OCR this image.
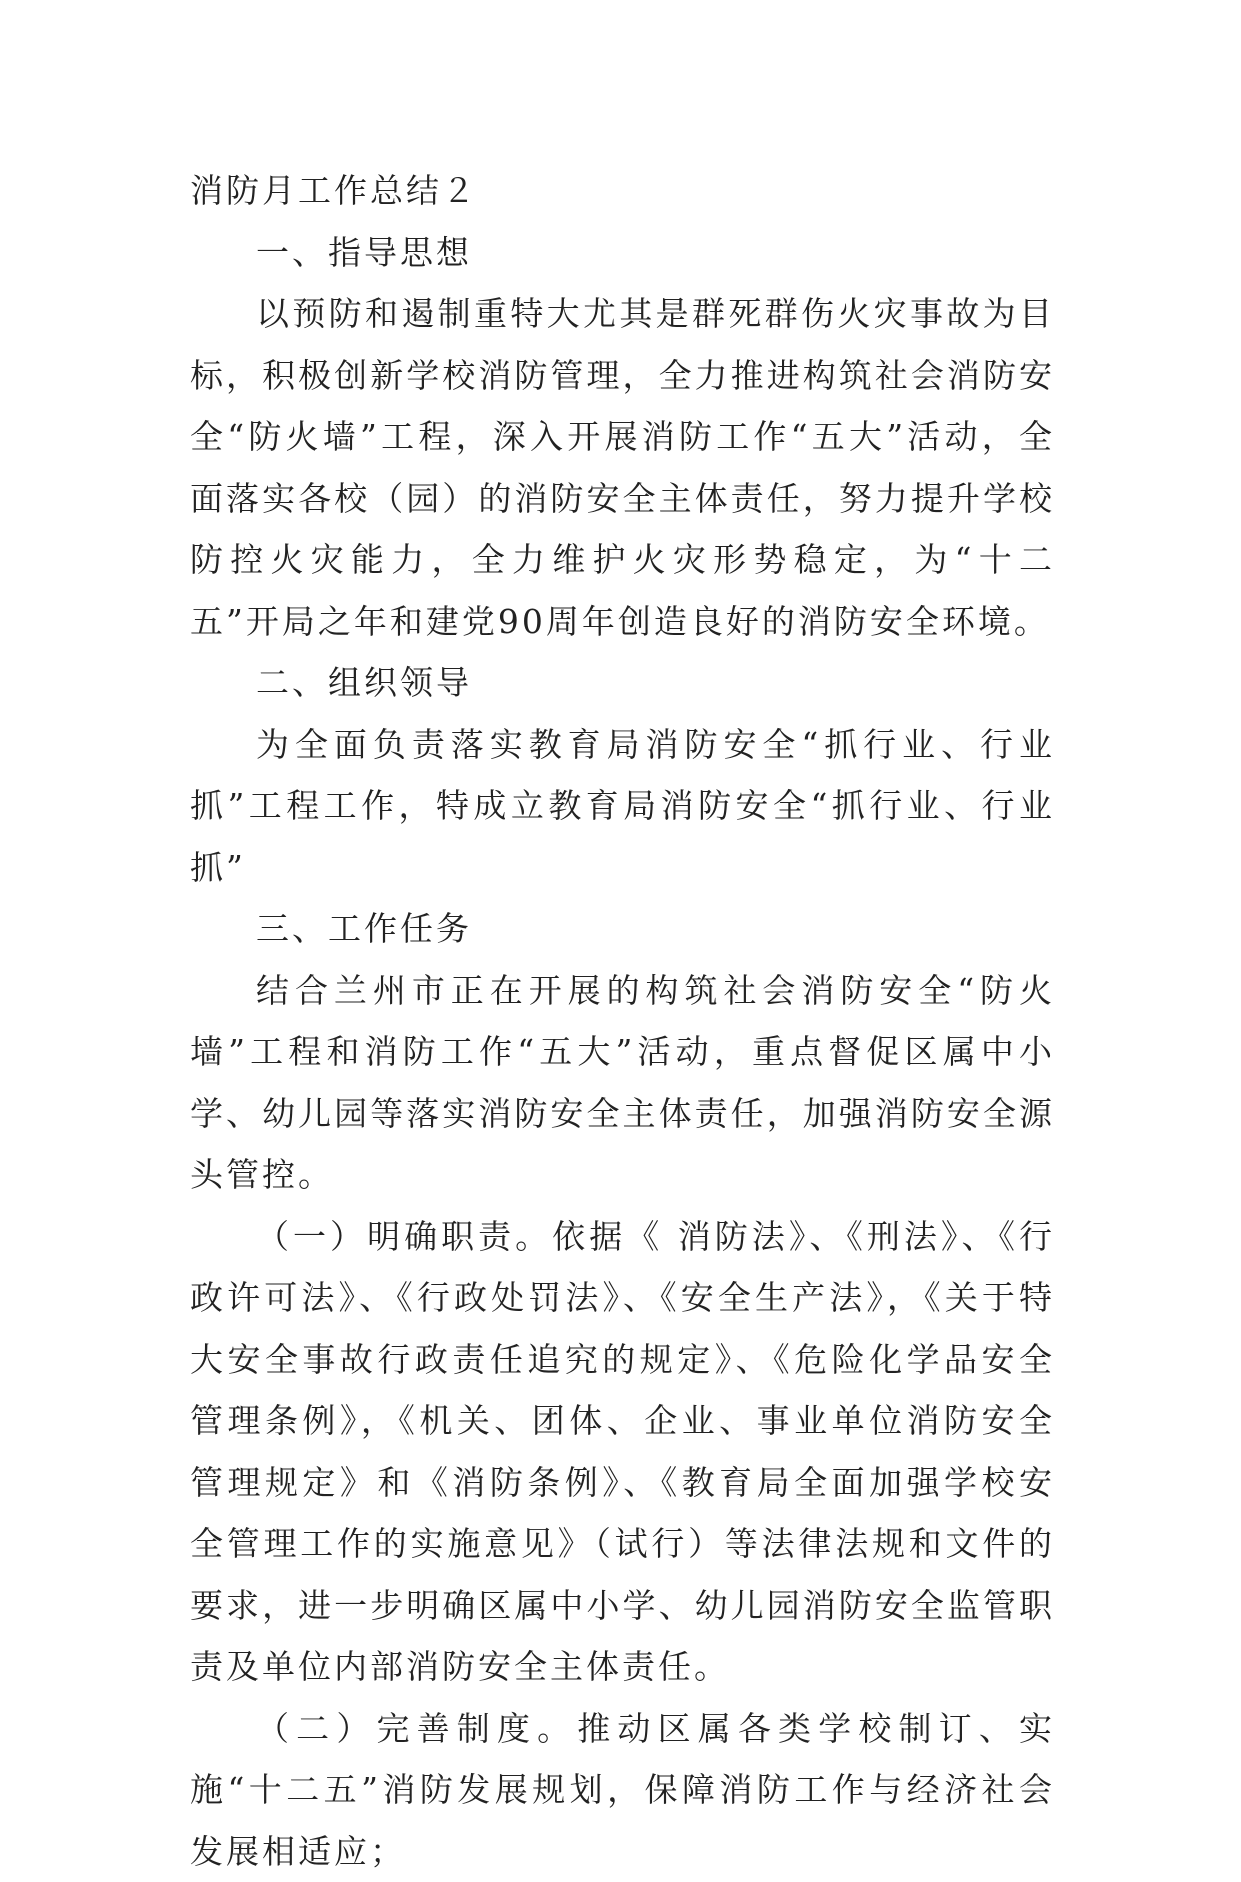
消防月工作总结２

一、指导思想

以预防和遏制重特大尤其是群死群伤火灾事故为目标，积极创新学校消防管理，全力推进构筑社会消防安全“防火墙”工程，深入开展消防工作“五大”活动，全面落实各校（园）的消防安全主体责任，努力提升学校防控火灾能力，全力维护火灾形势稳定，为“十二五”开局之年和建党90周年创造良好的消防安全环境。

二、组织领导

为全面负责落实教育局消防安全“抓行业、行业抓”工程工作，特成立教育局消防安全“抓行业、行业抓”

三、工作任务

结合兰州市正在开展的构筑社会消防安全“防火墙”工程和消防工作“五大”活动，重点督促区属中小学、幼儿园等落实消防安全主体责任，加强消防安全源头管控。

（一）明确职责。依据《 消防法》、《刑法》、《行政许可法》、《行政处罚法》、《安全生产法》，《关于特大安全事故行政责任追究的规定》、《危险化学品安全管理条例》，《机关、团体、企业、事业单位消防安全管理规定》和《消防条例》、《教育局全面加强学校安全管理工作的实施意见》（试行）等法律法规和文件的要求，进一步明确区属中小学、幼儿园消防安全监管职责及单位内部消防安全主体责任。

（二）完善制度。推动区属各类学校制订、实施“十二五”消防发展规划，保障消防工作与经济社会发展相适应；
